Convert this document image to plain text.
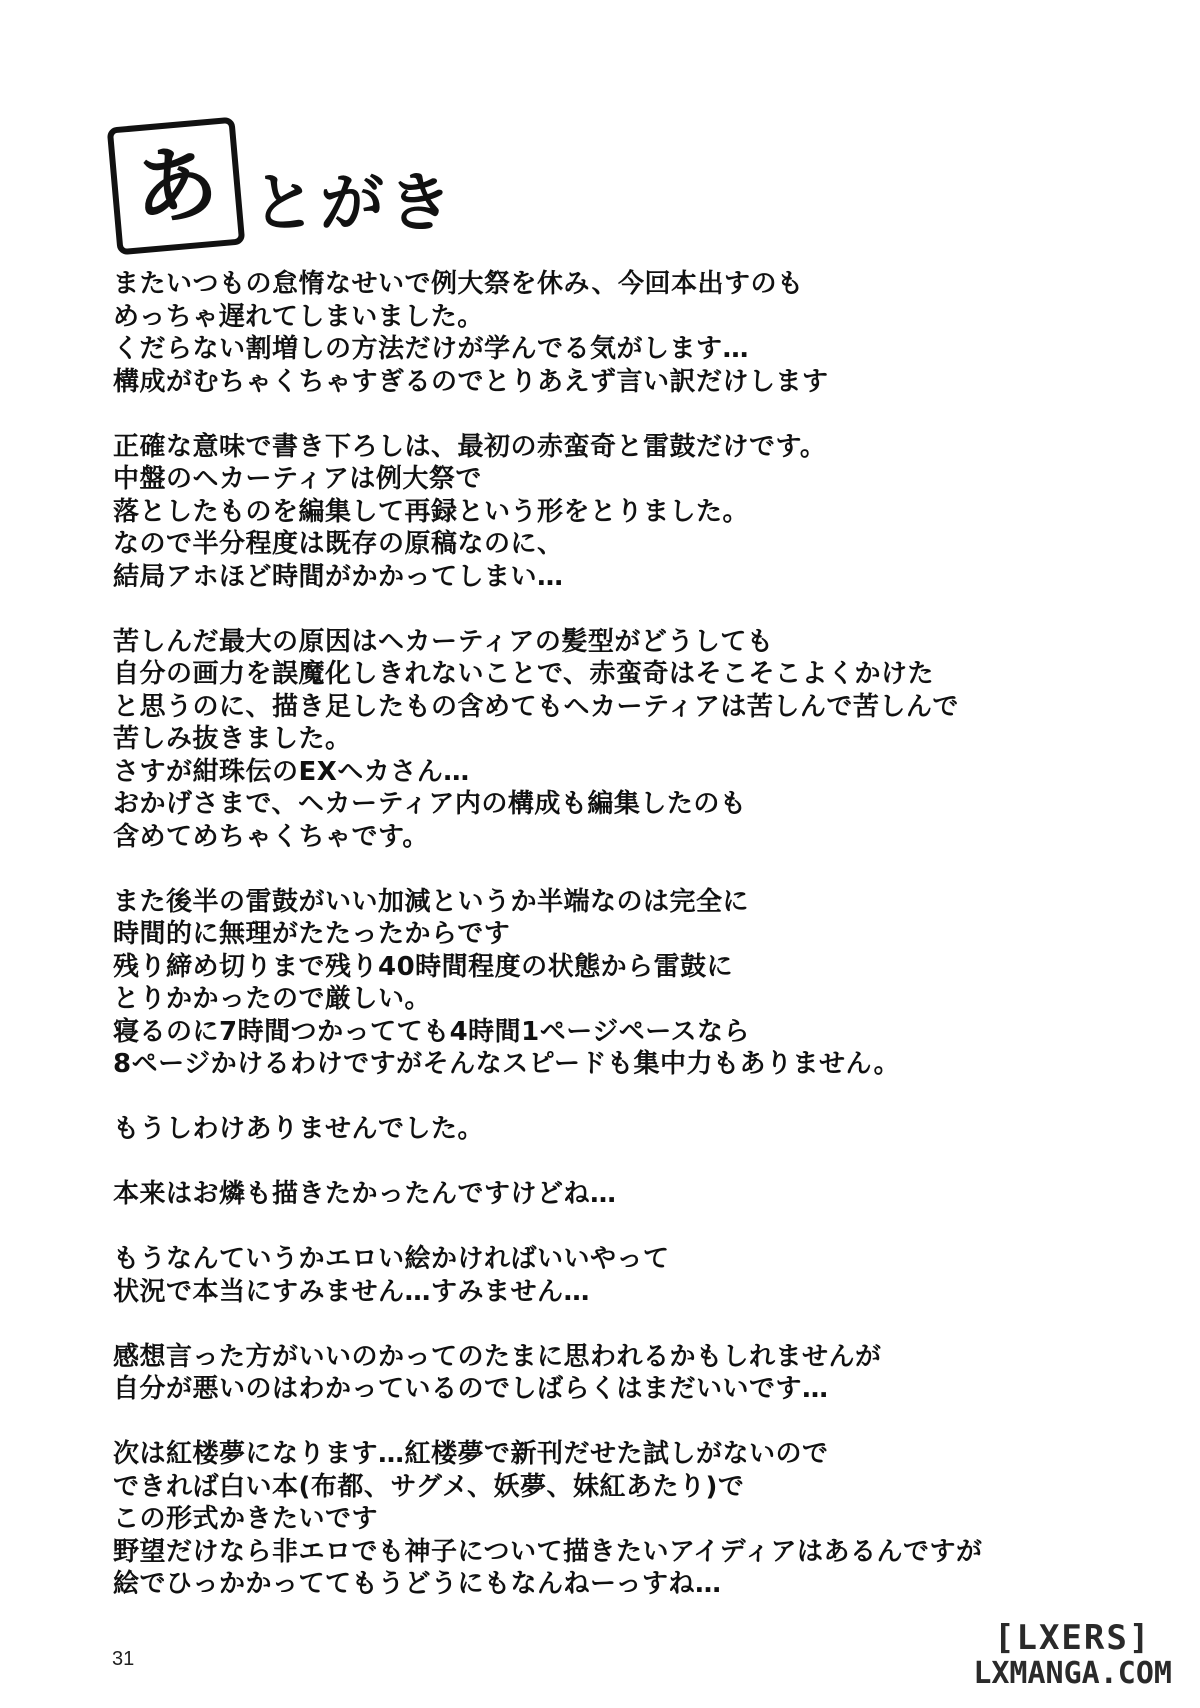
あ とがき
またいつもの怠惰なせいで例大祭を休み、今回本出すのも
めっちゃ遅れてしまいました。
くだらない割増しの方法だけが学んでる気がします…
構成がむちゃくちゃすぎるのでとりあえず言い訳だけします
正確な意味で書き下ろしは、最初の赤蛮奇と雷鼓だけです。
中盤のヘカーティアは例大祭で
落としたものを編集して再録という形をとりました。
なので半分程度は既存の原稿なのに、
結局アホほど時間がかかってしまい…
苦しんだ最大の原因はヘカーティアの髪型がどうしても
自分の画力を誤魔化しきれないことで、赤蛮奇はそこそこよくかけた
と思うのに、描き足したもの含めてもヘカーティアは苦しんで苦しんで
苦しみ抜きました。
さすが紺珠伝のEXヘカさん…
おかげさまで、ヘカーティア内の構成も編集したのも
含めてめちゃくちゃです。
また後半の雷鼓がいい加減というか半端なのは完全に
時間的に無理がたたったからです
残り締め切りまで残り40時間程度の状態から雷鼓に
とりかかったので厳しい。
寝るのに7時間つかってても4時間1ページペースなら
8ページかけるわけですがそんなスピードも集中力もありません。
もうしわけありませんでした。
本来はお燐も描きたかったんですけどね…
もうなんていうかエロい絵かければいいやって
状況で本当にすみません…すみません…
感想言った方がいいのかってのたまに思われるかもしれませんが
自分が悪いのはわかっているのでしばらくはまだいいです…
次は紅楼夢になります…紅楼夢で新刊だせた試しがないので
できれば白い本(布都、サグメ、妖夢、妹紅あたり)で
この形式かきたいです
野望だけなら非エロでも神子について描きたいアイディアはあるんですが
絵でひっかかっててもうどうにもなんねーっすね…
31
[LXERS]
LXMANGA.COM
